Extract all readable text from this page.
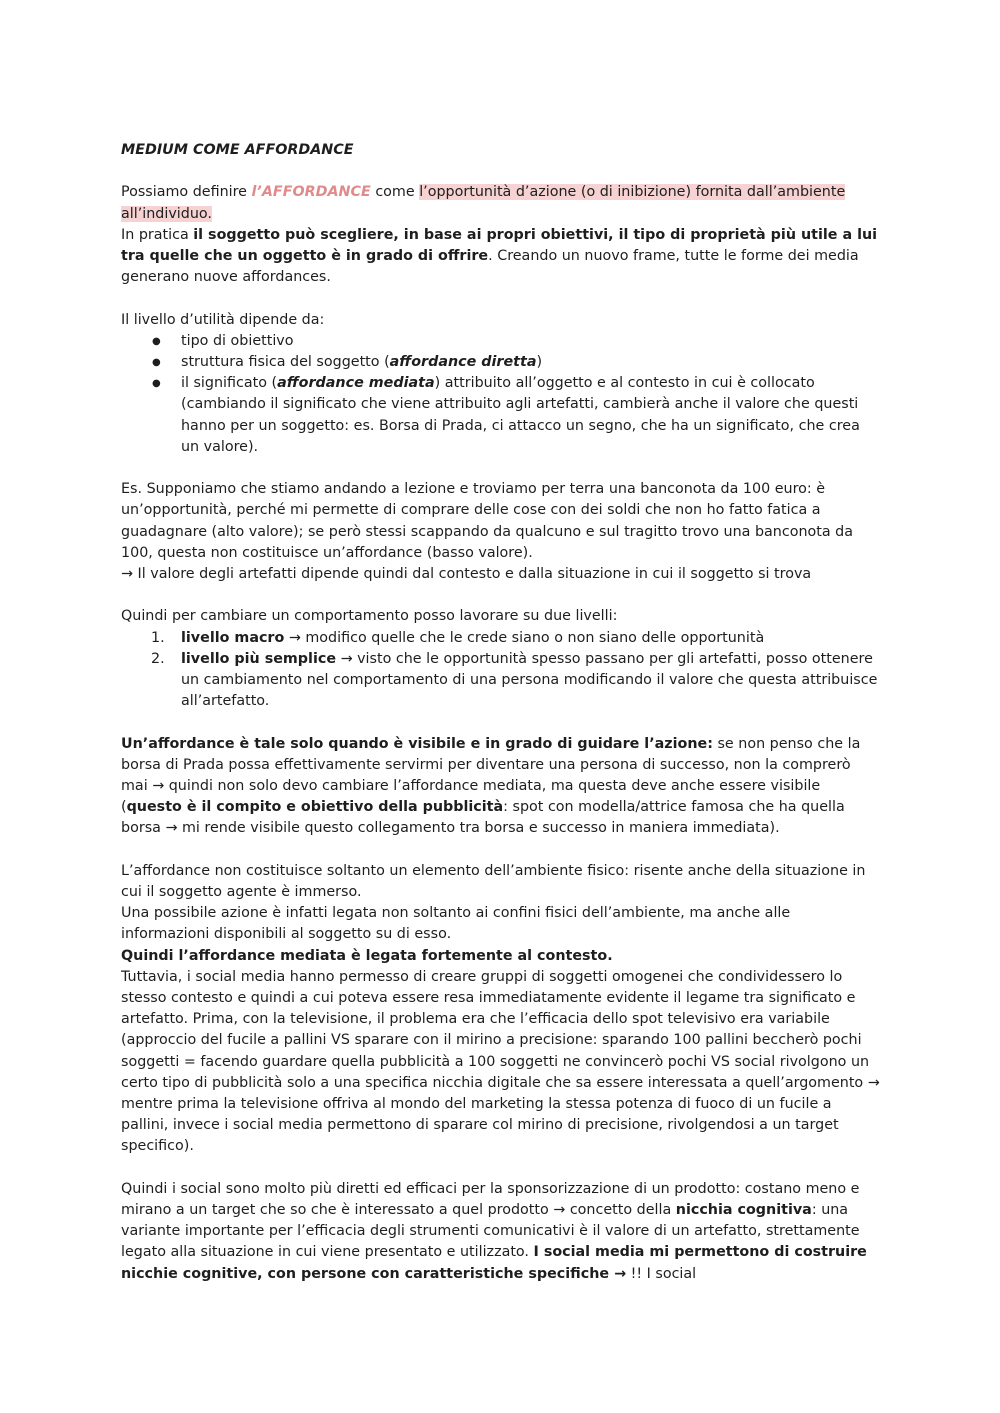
MEDIUM COME AFFORDANCE

Possiamo definire l’AFFORDANCE come l’opportunità d’azione (o di inibizione) fornita dall’ambiente all’individuo.

In pratica il soggetto può scegliere, in base ai propri obiettivi, il tipo di proprietà più utile a lui tra quelle che un oggetto è in grado di offrire. Creando un nuovo frame, tutte le forme dei media generano nuove affordances.

Il livello d’utilità dipende da:

● tipo di obiettivo
● struttura fisica del soggetto (affordance diretta)
● il significato (affordance mediata) attribuito all’oggetto e al contesto in cui è collocato (cambiando il significato che viene attribuito agli artefatti, cambierà anche il valore che questi hanno per un soggetto: es. Borsa di Prada, ci attacco un segno, che ha un significato, che crea un valore).

Es. Supponiamo che stiamo andando a lezione e troviamo per terra una banconota da 100 euro: è un’opportunità, perché mi permette di comprare delle cose con dei soldi che non ho fatto fatica a guadagnare (alto valore); se però stessi scappando da qualcuno e sul tragitto trovo una banconota da 100, questa non costituisce un’affordance (basso valore).

→ Il valore degli artefatti dipende quindi dal contesto e dalla situazione in cui il soggetto si trova

Quindi per cambiare un comportamento posso lavorare su due livelli:

1. livello macro → modifico quelle che le crede siano o non siano delle opportunità
2. livello più semplice → visto che le opportunità spesso passano per gli artefatti, posso ottenere un cambiamento nel comportamento di una persona modificando il valore che questa attribuisce all’artefatto.

Un’affordance è tale solo quando è visibile e in grado di guidare l’azione: se non penso che la borsa di Prada possa effettivamente servirmi per diventare una persona di successo, non la comprerò mai → quindi non solo devo cambiare l’affordance mediata, ma questa deve anche essere visibile (questo è il compito e obiettivo della pubblicità: spot con modella/attrice famosa che ha quella borsa → mi rende visibile questo collegamento tra borsa e successo in maniera immediata).

L’affordance non costituisce soltanto un elemento dell’ambiente fisico: risente anche della situazione in cui il soggetto agente è immerso.

Una possibile azione è infatti legata non soltanto ai confini fisici dell’ambiente, ma anche alle informazioni disponibili al soggetto su di esso.

Quindi l’affordance mediata è legata fortemente al contesto.

Tuttavia, i social media hanno permesso di creare gruppi di soggetti omogenei che condividessero lo stesso contesto e quindi a cui poteva essere resa immediatamente evidente il legame tra significato e artefatto. Prima, con la televisione, il problema era che l’efficacia dello spot televisivo era variabile (approccio del fucile a pallini VS sparare con il mirino a precisione: sparando 100 pallini beccherò pochi soggetti = facendo guardare quella pubblicità a 100 soggetti ne convincerò pochi VS social rivolgono un certo tipo di pubblicità solo a una specifica nicchia digitale che sa essere interessata a quell’argomento → mentre prima la televisione offriva al mondo del marketing la stessa potenza di fuoco di un fucile a pallini, invece i social media permettono di sparare col mirino di precisione, rivolgendosi a un target specifico).

Quindi i social sono molto più diretti ed efficaci per la sponsorizzazione di un prodotto: costano meno e mirano a un target che so che è interessato a quel prodotto → concetto della nicchia cognitiva: una variante importante per l’efficacia degli strumenti comunicativi è il valore di un artefatto, strettamente legato alla situazione in cui viene presentato e utilizzato. I social media mi permettono di costruire nicchie cognitive, con persone con caratteristiche specifiche → !! I social
